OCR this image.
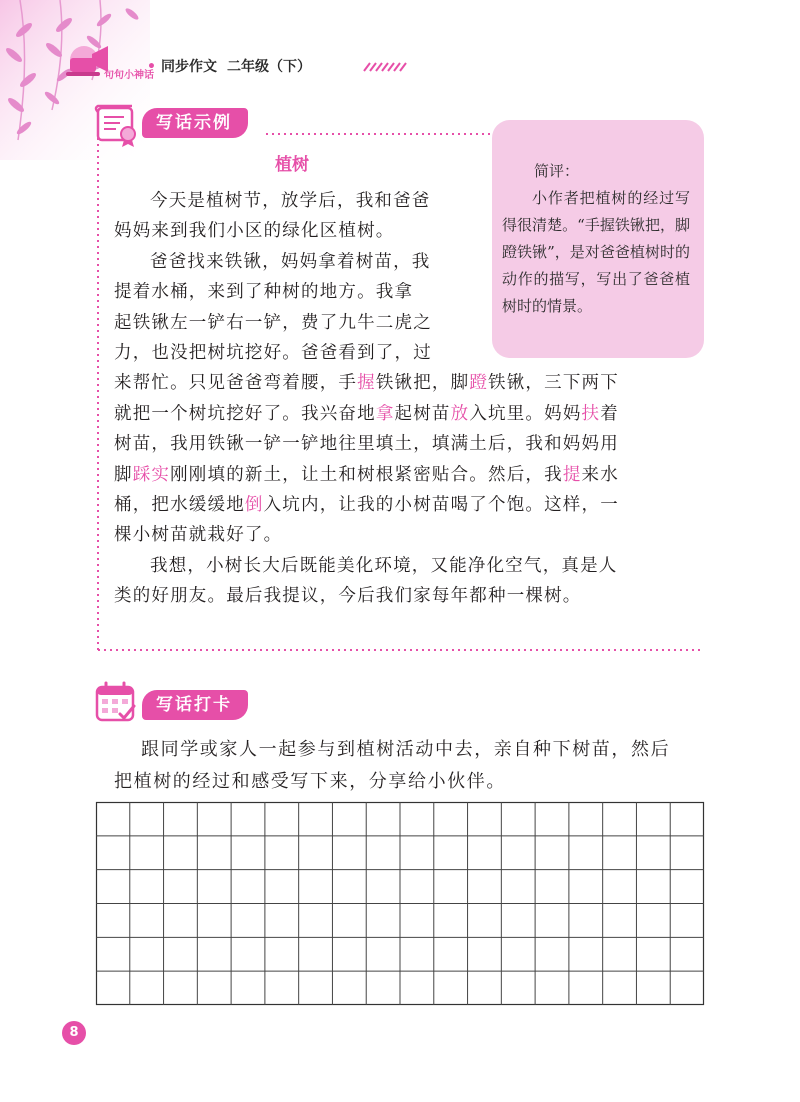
句句小神话
• 同步作文 二年级（下）
写话示例
简评：
小作者把植树的经过写得很清楚。“手握铁锹把，脚蹬铁锹”，是对爸爸植树时的动作的描写，写出了爸爸植树时的情景。
植树
今天是植树节，放学后，我和爸爸
妈妈来到我们小区的绿化区植树。
爸爸找来铁锹，妈妈拿着树苗，我
提着水桶，来到了种树的地方。我拿
起铁锹左一铲右一铲，费了九牛二虎之
力，也没把树坑挖好。爸爸看到了，过
来帮忙。只见爸爸弯着腰，手握铁锹把，脚蹬铁锹，三下两下
就把一个树坑挖好了。我兴奋地拿起树苗放入坑里。妈妈扶着
树苗，我用铁锹一铲一铲地往里填土，填满土后，我和妈妈用
脚踩实刚刚填的新土，让土和树根紧密贴合。然后，我提来水
桶，把水缓缓地倒入坑内，让我的小树苗喝了个饱。这样，一
棵小树苗就栽好了。
我想，小树长大后既能美化环境，又能净化空气，真是人
类的好朋友。最后我提议，今后我们家每年都种一棵树。
写话打卡
跟同学或家人一起参与到植树活动中去，亲自种下树苗，然后
把植树的经过和感受写下来，分享给小伙伴。
8
